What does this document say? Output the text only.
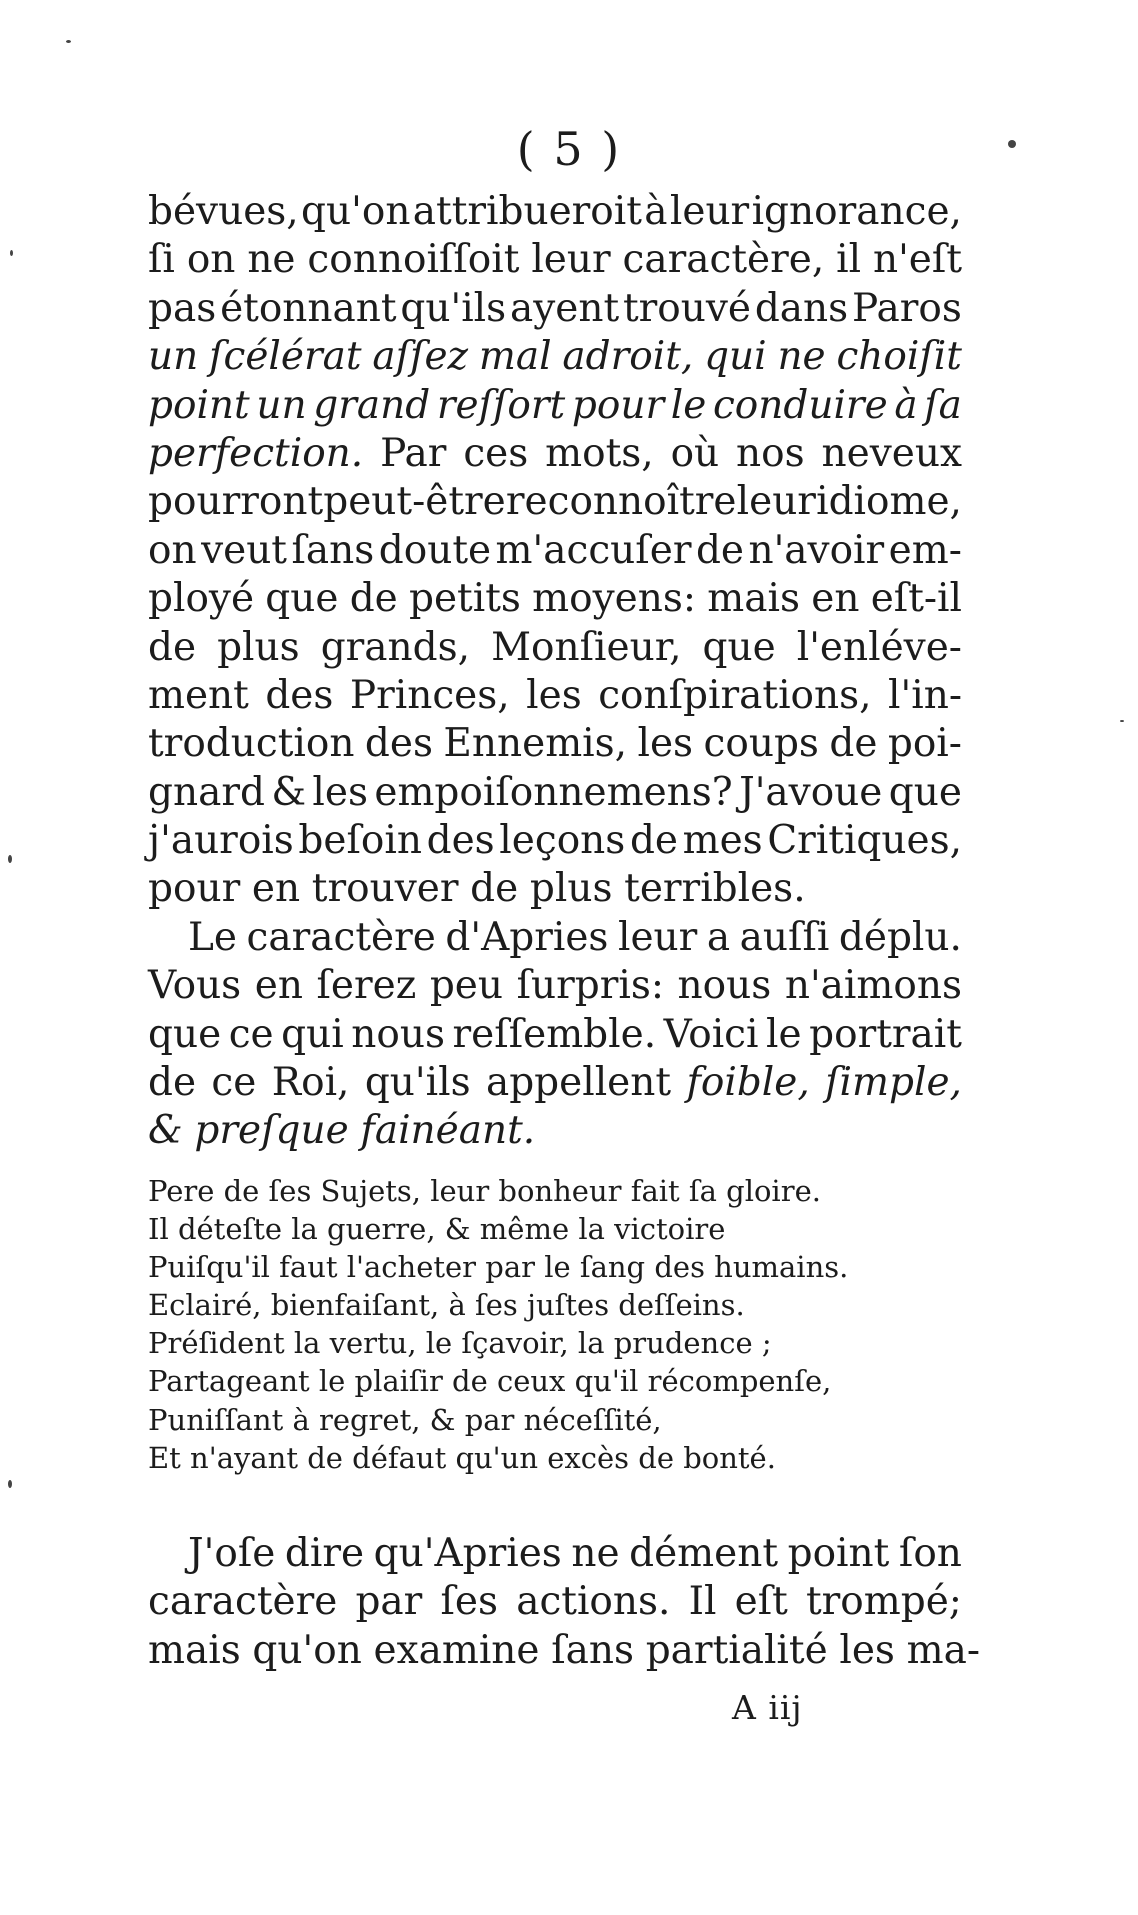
( 5 )
bévues, qu'on attribueroit à leur ignorance,
ſi on ne connoiſſoit leur caractère, il n'eſt
pas étonnant qu'ils ayent trouvé dans Paros
un ſcélérat aſſez mal adroit, qui ne choiſit
point un grand reſſort pour le conduire à ſa
perfection. Par ces mots, où nos neveux
pourront peut-être reconnoître leur idiome,
on veut ſans doute m'accuſer de n'avoir em-
ployé que de petits moyens: mais en eſt-il
de plus grands, Monſieur, que l'enléve-
ment des Princes, les conſpirations, l'in-
troduction des Ennemis, les coups de poi-
gnard & les empoiſonnemens? J'avoue que
j'aurois beſoin des leçons de mes Critiques,
pour en trouver de plus terribles.
Le caractère d'Apries leur a auſſi déplu.
Vous en ſerez peu ſurpris: nous n'aimons
que ce qui nous reſſemble. Voici le portrait
de ce Roi, qu'ils appellent foible, ſimple,
& preſque fainéant.
Pere de ſes Sujets, leur bonheur fait ſa gloire.
Il déteſte la guerre, & même la victoire
Puiſqu'il faut l'acheter par le ſang des humains.
Eclairé, bienfaiſant, à ſes juſtes deſſeins.
Préſident la vertu, le ſçavoir, la prudence ;
Partageant le plaiſir de ceux qu'il récompenſe,
Puniſſant à regret, & par néceſſité,
Et n'ayant de défaut qu'un excès de bonté.
J'oſe dire qu'Apries ne dément point ſon
caractère par ſes actions. Il eſt trompé;
mais qu'on examine ſans partialité les ma-
A iij
